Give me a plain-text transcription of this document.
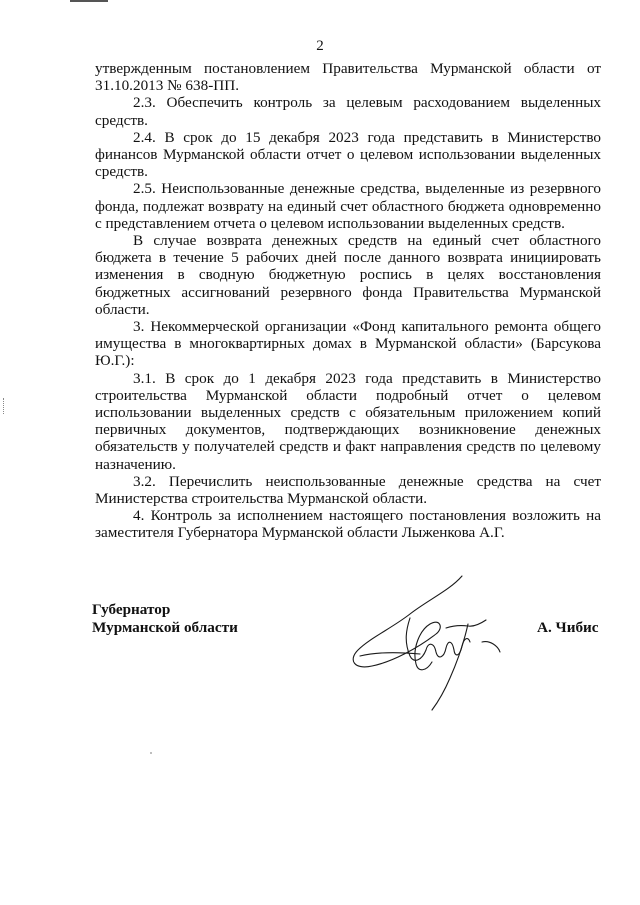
2

утвержденным постановлением Правительства Мурманской области от 31.10.2013 № 638-ПП.

2.3. Обеспечить контроль за целевым расходованием выделенных средств.

2.4. В срок до 15 декабря 2023 года представить в Министерство финансов Мурманской области отчет о целевом использовании выделенных средств.

2.5. Неиспользованные денежные средства, выделенные из резервного фонда, подлежат возврату на единый счет областного бюджета одновременно с представлением отчета о целевом использовании выделенных средств.

В случае возврата денежных средств на единый счет областного бюджета в течение 5 рабочих дней после данного возврата инициировать изменения в сводную бюджетную роспись в целях восстановления бюджетных ассигнований резервного фонда Правительства Мурманской области.

3. Некоммерческой организации «Фонд капитального ремонта общего имущества в многоквартирных домах в Мурманской области» (Барсукова Ю.Г.):

3.1. В срок до 1 декабря 2023 года представить в Министерство строительства Мурманской области подробный отчет о целевом использовании выделенных средств с обязательным приложением копий первичных документов, подтверждающих возникновение денежных обязательств у получателей средств и факт направления средств по целевому назначению.

3.2. Перечислить неиспользованные денежные средства на счет Министерства строительства Мурманской области.

4. Контроль за исполнением настоящего постановления возложить на заместителя Губернатора Мурманской области Лыженкова А.Г.

Губернатор
Мурманской области	А. Чибис
